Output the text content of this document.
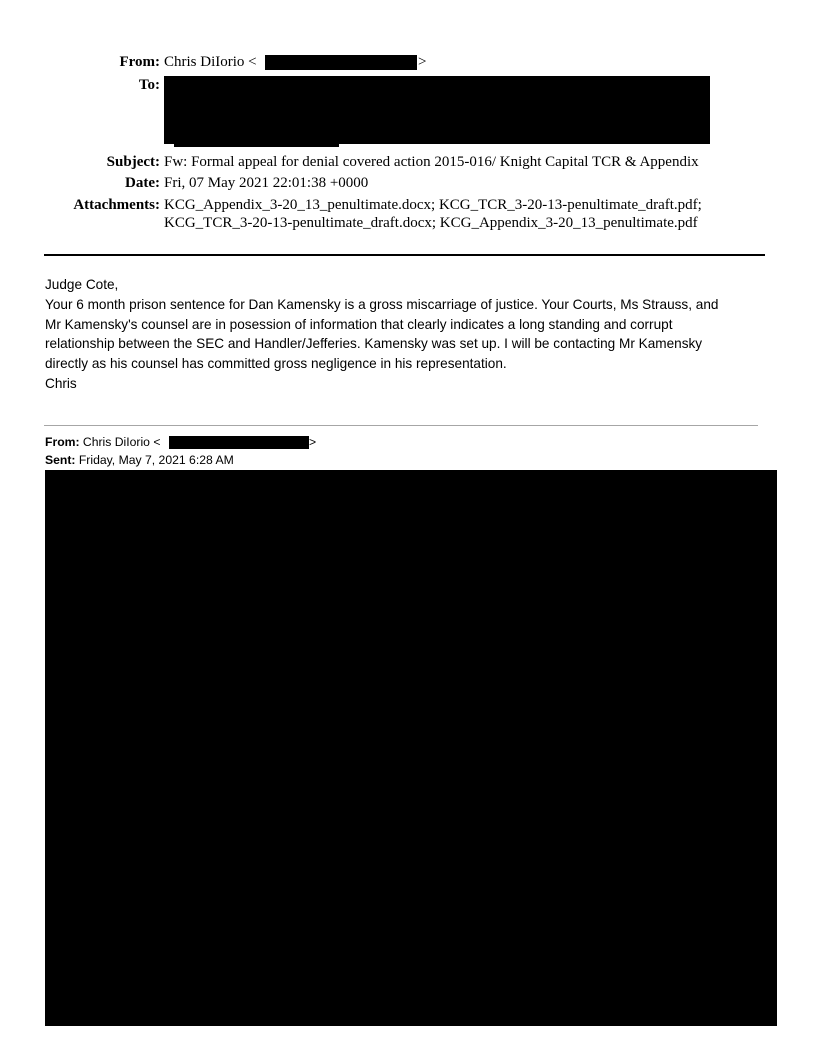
From: Chris DiIorio <	>
To:
Subject: Fw: Formal appeal for denial covered action 2015-016/ Knight Capital TCR & Appendix
Date: Fri, 07 May 2021 22:01:38 +0000
Attachments: KCG_Appendix_3-20_13_penultimate.docx; KCG_TCR_3-20-13-penultimate_draft.pdf;
KCG_TCR_3-20-13-penultimate_draft.docx; KCG_Appendix_3-20_13_penultimate.pdf
Judge Cote,
Your 6 month prison sentence for Dan Kamensky is a gross miscarriage of justice. Your Courts, Ms Strauss, and
Mr Kamensky's counsel are in posession of information that clearly indicates a long standing and corrupt
relationship between the SEC and Handler/Jefferies. Kamensky was set up. I will be contacting Mr Kamensky
directly as his counsel has committed gross negligence in his representation.
Chris
From: Chris DiIorio <	>
Sent: Friday, May 7, 2021 6:28 AM
